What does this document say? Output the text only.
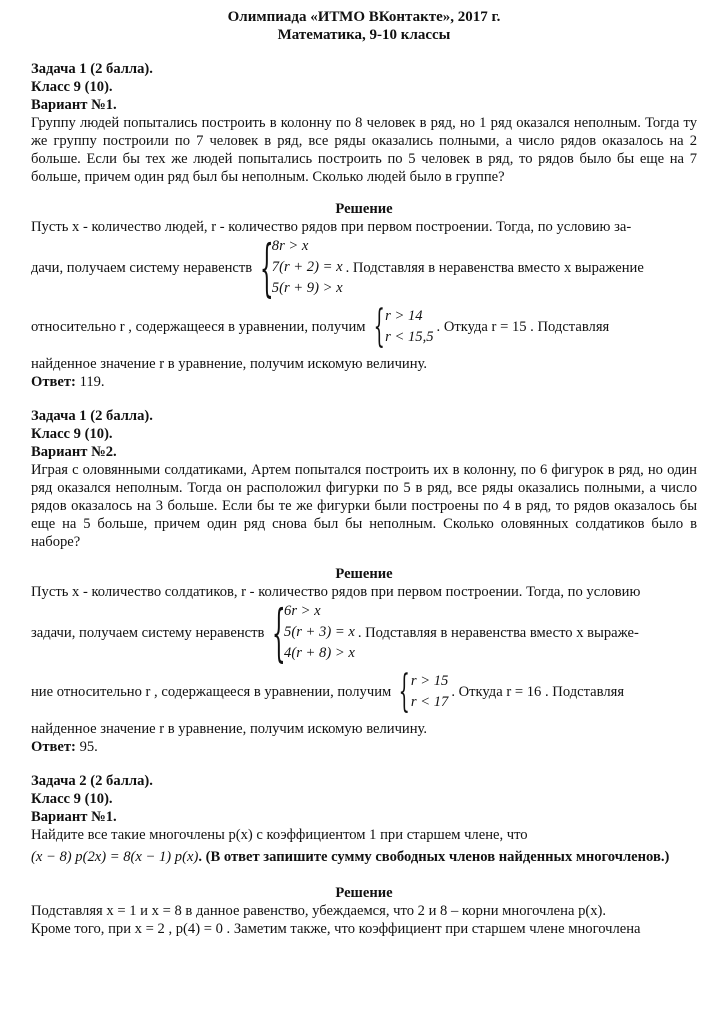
Олимпиада «ИТМО ВКонтакте», 2017 г.
Математика, 9-10 классы

Задача 1 (2 балла).

Класс 9 (10).

Вариант №1.

Группу людей попытались построить в колонну по 8 человек в ряд, но 1 ряд оказался неполным. Тогда ту же группу построили по 7 человек в ряд, все ряды оказались полными, а число рядов оказалось на 2 больше. Если бы тех же людей попытались построить по 5 человек в ряд, то рядов было бы еще на 7 больше, причем один ряд был бы неполным. Сколько людей было в группе?

Решение

Пусть x - количество людей, r - количество рядов при первом построении. Тогда, по условию за-

дачи, получаем систему неравенств {
8r > x
7(r + 2) = x
5(r + 9) > x
. Подставляя в неравенства вместо x выражение
относительно r , содержащееся в уравнении, получим { r > 14
r < 15,5
. Откуда r = 15 . Подставляя

найденное значение r в уравнение, получим искомую величину.

Ответ: 119.

Задача 1 (2 балла).

Класс 9 (10).

Вариант №2.

Играя с оловянными солдатиками, Артем попытался построить их в колонну, по 6 фигурок в ряд, но один ряд оказался неполным. Тогда он расположил фигурки по 5 в ряд, все ряды оказались полными, а число рядов оказалось на 3 больше. Если бы те же фигурки были построены по 4 в ряд, то рядов оказалось бы еще на 5 больше, причем один ряд снова был бы неполным. Сколько оловянных солдатиков было в наборе?

Решение

Пусть x - количество солдатиков, r - количество рядов при первом построении. Тогда, по условию

задачи, получаем систему неравенств {
6r > x
5(r + 3) = x
4(r + 8) > x
. Подставляя в неравенства вместо x выраже-
ние относительно r , содержащееся в уравнении, получим { r > 15
r < 17
. Откуда r = 16 . Подставляя

найденное значение r в уравнение, получим искомую величину.

Ответ: 95.

Задача 2 (2 балла).

Класс 9 (10).

Вариант №1.

Найдите все такие многочлены p(x) с коэффициентом 1 при старшем члене, что

(x − 8) p(2x) = 8(x − 1) p(x). (В ответ запишите сумму свободных членов найденных многочленов.)

Решение

Подставляя x = 1 и x = 8 в данное равенство, убеждаемся, что 2 и 8 – корни многочлена p(x).

Кроме того, при x = 2 , p(4) = 0 . Заметим также, что коэффициент при старшем члене многочлена
